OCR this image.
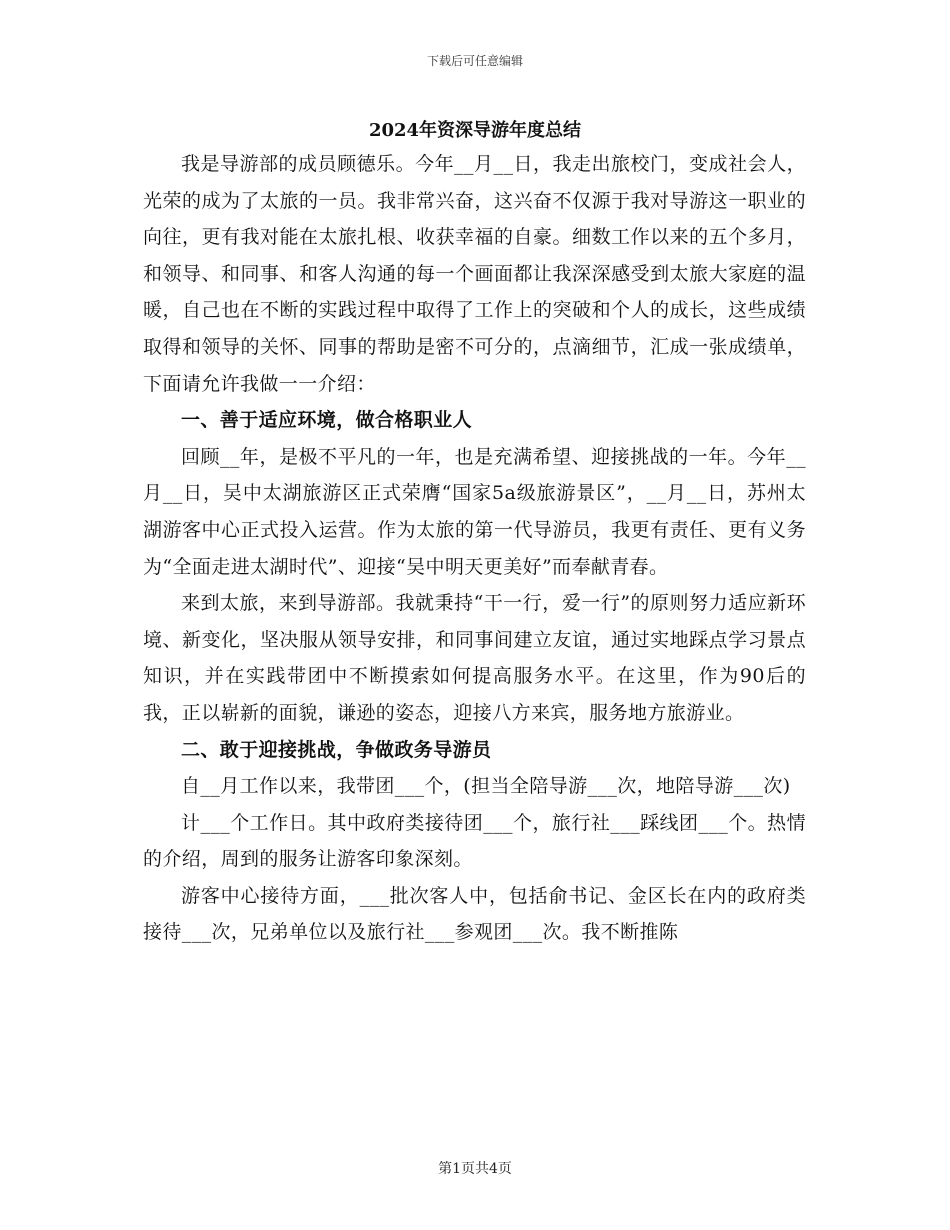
下载后可任意编辑
2024年资深导游年度总结

我是导游部的成员顾德乐。今年__月__日，我走出旅校门，变成社会人，光荣的成为了太旅的一员。我非常兴奋，这兴奋不仅源于我对导游这一职业的向往，更有我对能在太旅扎根、收获幸福的自豪。细数工作以来的五个多月，和领导、和同事、和客人沟通的每一个画面都让我深深感受到太旅大家庭的温暖，自己也在不断的实践过程中取得了工作上的突破和个人的成长，这些成绩取得和领导的关怀、同事的帮助是密不可分的，点滴细节，汇成一张成绩单，下面请允许我做一一介绍：

一、善于适应环境，做合格职业人

回顾__年，是极不平凡的一年，也是充满希望、迎接挑战的一年。今年__月__日，吴中太湖旅游区正式荣膺“国家5a级旅游景区”，__月__日，苏州太湖游客中心正式投入运营。作为太旅的第一代导游员，我更有责任、更有义务为“全面走进太湖时代”、迎接“吴中明天更美好”而奉献青春。

来到太旅，来到导游部。我就秉持“干一行，爱一行”的原则努力适应新环境、新变化，坚决服从领导安排，和同事间建立友谊，通过实地踩点学习景点知识，并在实践带团中不断摸索如何提高服务水平。在这里，作为90后的我，正以崭新的面貌，谦逊的姿态，迎接八方来宾，服务地方旅游业。

二、敢于迎接挑战，争做政务导游员

自__月工作以来，我带团___个，(担当全陪导游___次，地陪导游___次)

计___个工作日。其中政府类接待团___个，旅行社___踩线团___个。热情的介绍，周到的服务让游客印象深刻。

游客中心接待方面，___批次客人中，包括俞书记、金区长在内的政府类接待___次，兄弟单位以及旅行社___参观团___次。我不断推陈

第1页共4页
